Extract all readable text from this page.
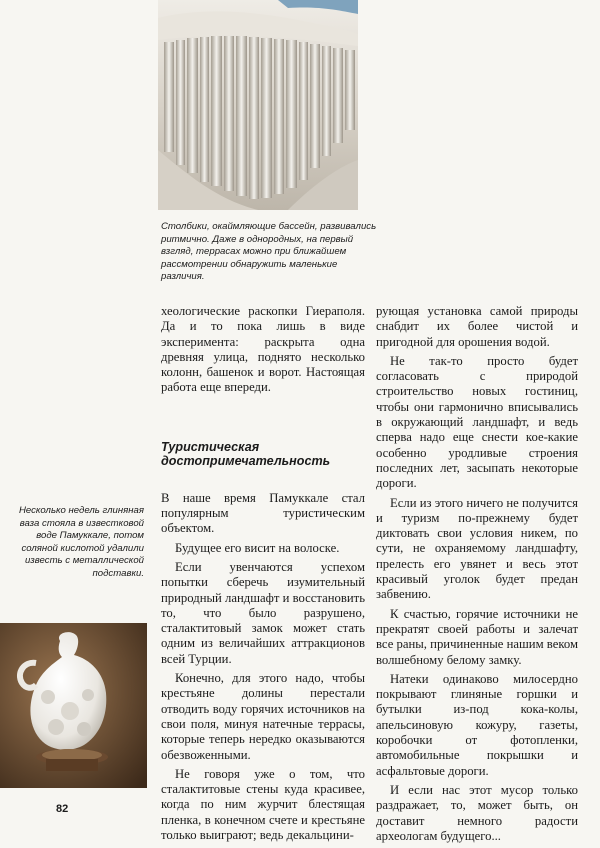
Столбики, окаймляющие бассейн, развивались ритмично. Даже в однородных, на первый взгляд, террасах можно при ближайшем рассмотрении обнаружить маленькие различия.

хеологические раскопки Гиераполя. Да и то пока лишь в виде эксперимента: раскрыта одна древняя улица, поднято несколько колонн, башенок и ворот. Настоящая работа еще впереди.

Туристическая достопримечательность

В наше время Памуккале стал популярным туристическим объектом.

Будущее его висит на волоске.

Если увенчаются успехом попытки сберечь изумительный природный ландшафт и восстановить то, что было разрушено, сталактитовый замок может стать одним из величайших аттракционов всей Турции.

Конечно, для этого надо, чтобы крестьяне долины перестали отводить воду горячих источников на свои поля, минуя натечные террасы, которые теперь нередко оказываются обезвоженными.

Не говоря уже о том, что сталактитовые стены куда красивее, когда по ним журчит блестящая пленка, в конечном счете и крестьяне только выиграют; ведь декальцини-

рующая установка самой природы снабдит их более чистой и пригодной для орошения водой.

Не так-то просто будет согласовать с природой строительство новых гостиниц, чтобы они гармонично вписывались в окружающий ландшафт, и ведь сперва надо еще снести кое-какие особенно уродливые строения последних лет, засыпать некоторые дороги.

Если из этого ничего не получится и туризм по-прежнему будет диктовать свои условия никем, по сути, не охраняемому ландшафту, прелесть его увянет и весь этот красивый уголок будет предан забвению.

К счастью, горячие источники не прекратят своей работы и залечат все раны, причиненные нашим веком волшебному белому замку.

Натеки одинаково милосердно покрывают глиняные горшки и бутылки из-под кока-колы, апельсиновую кожуру, газеты, коробочки от фотопленки, автомобильные покрышки и асфальтовые дороги.

И если нас этот мусор только раздражает, то, может быть, он доставит немного радости археологам будущего...

Несколько недель глиняная ваза стояла в известковой воде Памуккале, потом соляной кислотой удалили известь с металлической подставки.

82
